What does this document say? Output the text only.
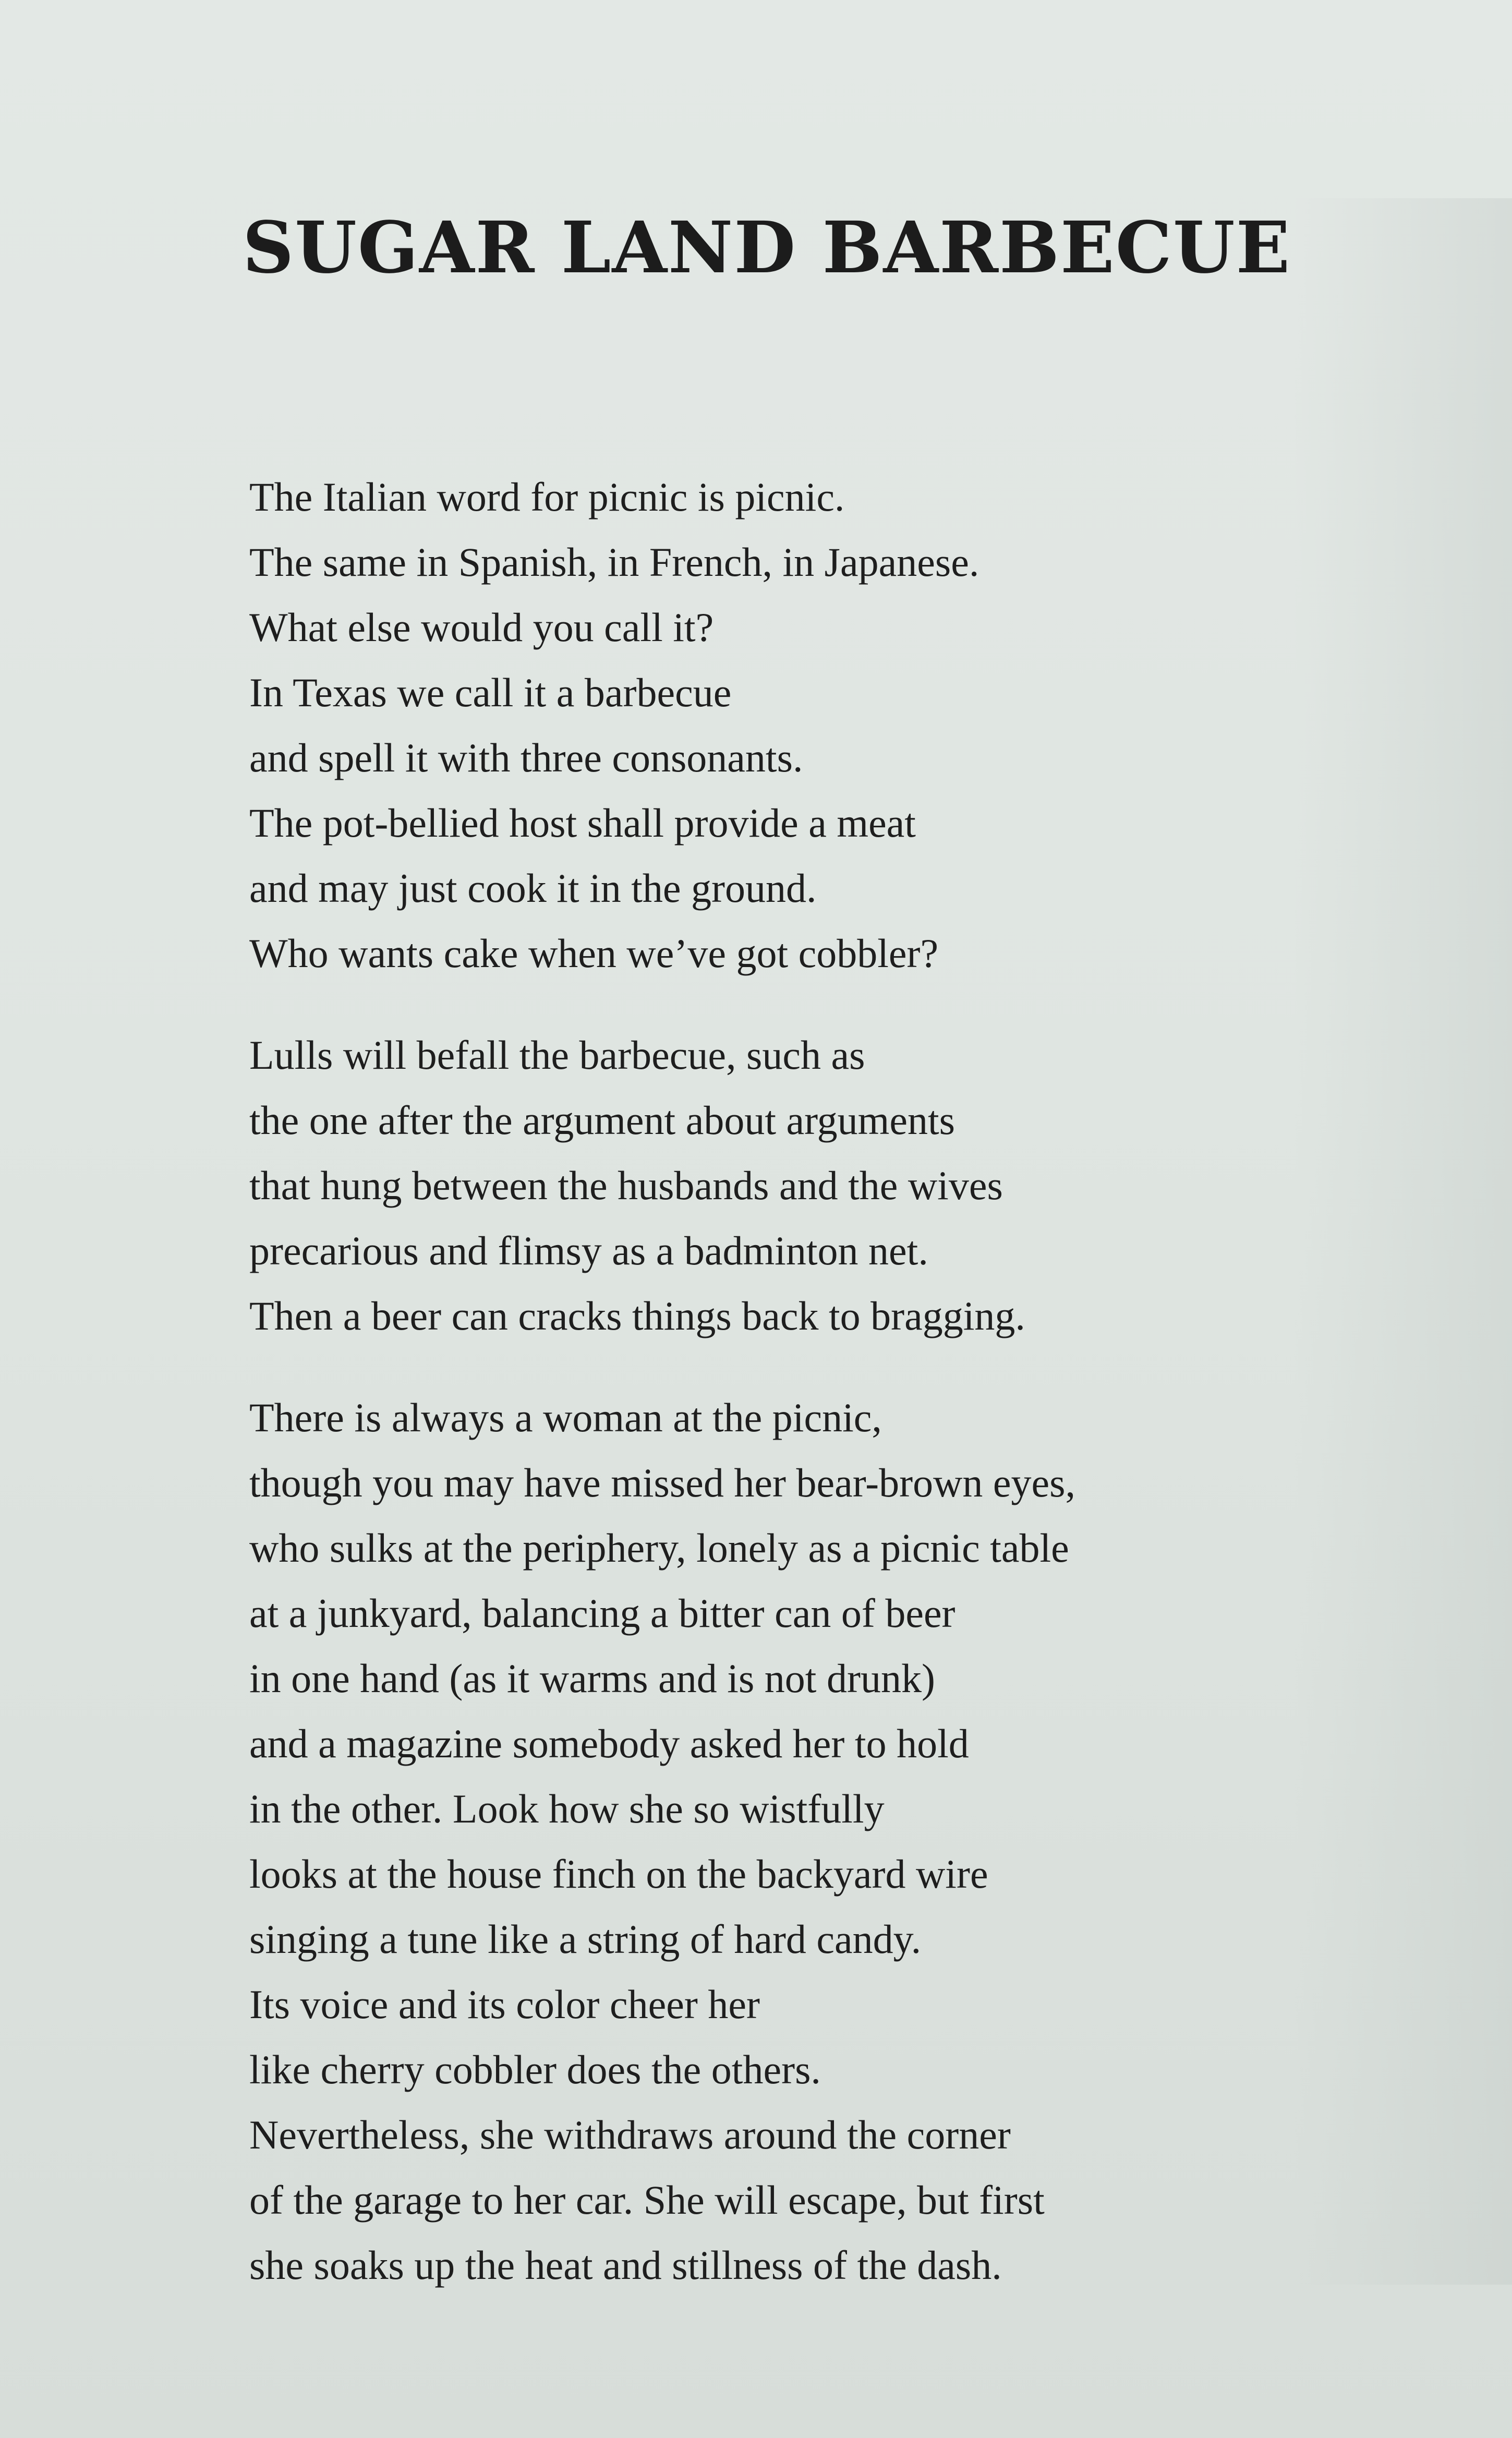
SUGAR LAND BARBECUE
The Italian word for picnic is picnic.
The same in Spanish, in French, in Japanese.
What else would you call it?
In Texas we call it a barbecue
and spell it with three consonants.
The pot-bellied host shall provide a meat
and may just cook it in the ground.
Who wants cake when we’ve got cobbler?
Lulls will befall the barbecue, such as
the one after the argument about arguments
that hung between the husbands and the wives
precarious and flimsy as a badminton net.
Then a beer can cracks things back to bragging.
There is always a woman at the picnic,
though you may have missed her bear-brown eyes,
who sulks at the periphery, lonely as a picnic table
at a junkyard, balancing a bitter can of beer
in one hand (as it warms and is not drunk)
and a magazine somebody asked her to hold
in the other. Look how she so wistfully
looks at the house finch on the backyard wire
singing a tune like a string of hard candy.
Its voice and its color cheer her
like cherry cobbler does the others.
Nevertheless, she withdraws around the corner
of the garage to her car. She will escape, but first
she soaks up the heat and stillness of the dash.
